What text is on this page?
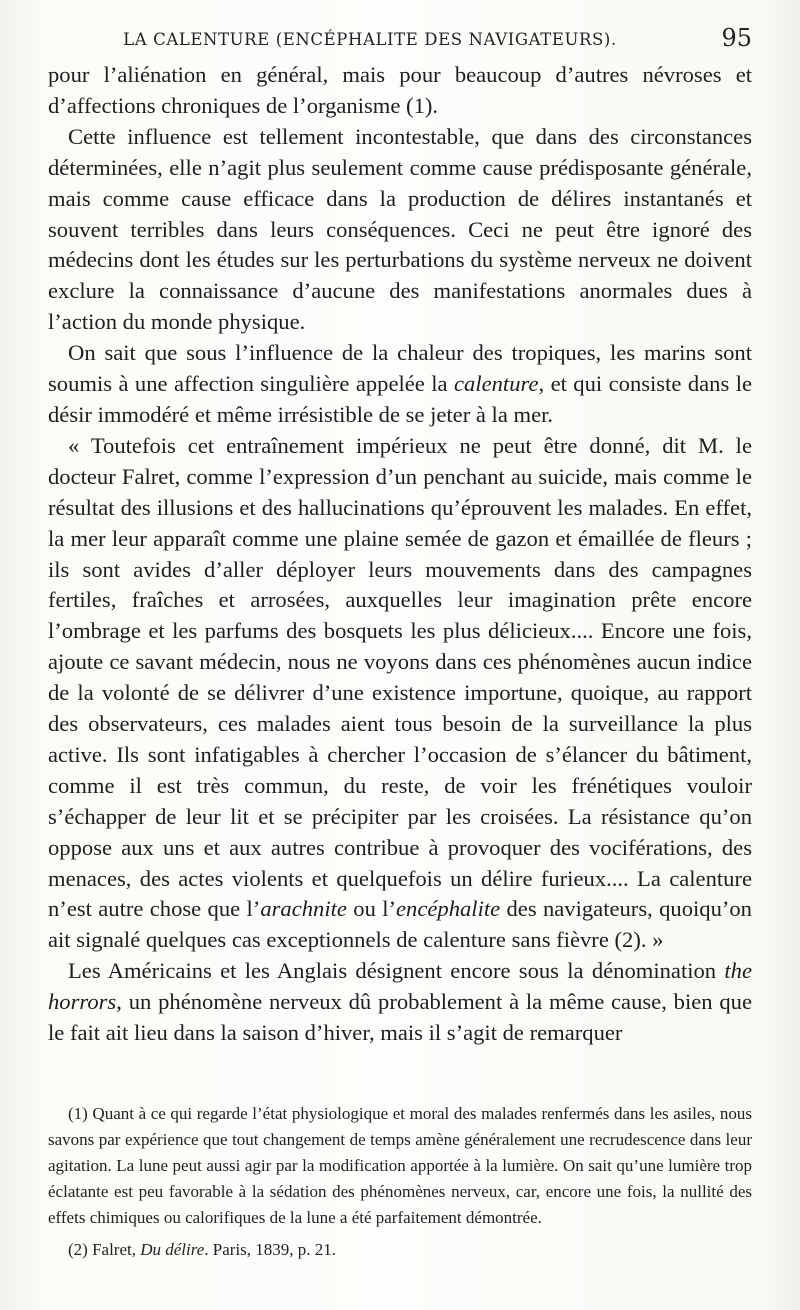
LA CALENTURE (ENCÉPHALITE DES NAVIGATEURS).	95

pour l’aliénation en général, mais pour beaucoup d’autres névroses et d’affections chroniques de l’organisme (1).

Cette influence est tellement incontestable, que dans des circonstances déterminées, elle n’agit plus seulement comme cause prédisposante générale, mais comme cause efficace dans la production de délires instantanés et souvent terribles dans leurs conséquences. Ceci ne peut être ignoré des médecins dont les études sur les perturbations du système nerveux ne doivent exclure la connaissance d’aucune des manifestations anormales dues à l’action du monde physique.

On sait que sous l’influence de la chaleur des tropiques, les marins sont soumis à une affection singulière appelée la calenture, et qui consiste dans le désir immodéré et même irrésistible de se jeter à la mer.

« Toutefois cet entraînement impérieux ne peut être donné, dit M. le docteur Falret, comme l’expression d’un penchant au suicide, mais comme le résultat des illusions et des hallucinations qu’éprouvent les malades. En effet, la mer leur apparaît comme une plaine semée de gazon et émaillée de fleurs ; ils sont avides d’aller déployer leurs mouvements dans des campagnes fertiles, fraîches et arrosées, auxquelles leur imagination prête encore l’ombrage et les parfums des bosquets les plus délicieux.... Encore une fois, ajoute ce savant médecin, nous ne voyons dans ces phénomènes aucun indice de la volonté de se délivrer d’une existence importune, quoique, au rapport des observateurs, ces malades aient tous besoin de la surveillance la plus active. Ils sont infatigables à chercher l’occasion de s’élancer du bâtiment, comme il est très commun, du reste, de voir les frénétiques vouloir s’échapper de leur lit et se précipiter par les croisées. La résistance qu’on oppose aux uns et aux autres contribue à provoquer des vociférations, des menaces, des actes violents et quelquefois un délire furieux.... La calenture n’est autre chose que l’arachnite ou l’encéphalite des navigateurs, quoiqu’on ait signalé quelques cas exceptionnels de calenture sans fièvre (2). »

Les Américains et les Anglais désignent encore sous la dénomination the horrors, un phénomène nerveux dû probablement à la même cause, bien que le fait ait lieu dans la saison d’hiver, mais il s’agit de remarquer

(1) Quant à ce qui regarde l’état physiologique et moral des malades renfermés dans les asiles, nous savons par expérience que tout changement de temps amène généralement une recrudescence dans leur agitation. La lune peut aussi agir par la modification apportée à la lumière. On sait qu’une lumière trop éclatante est peu favorable à la sédation des phénomènes nerveux, car, encore une fois, la nullité des effets chimiques ou calorifiques de la lune a été parfaitement démontrée.

(2) Falret, Du délire. Paris, 1839, p. 21.
